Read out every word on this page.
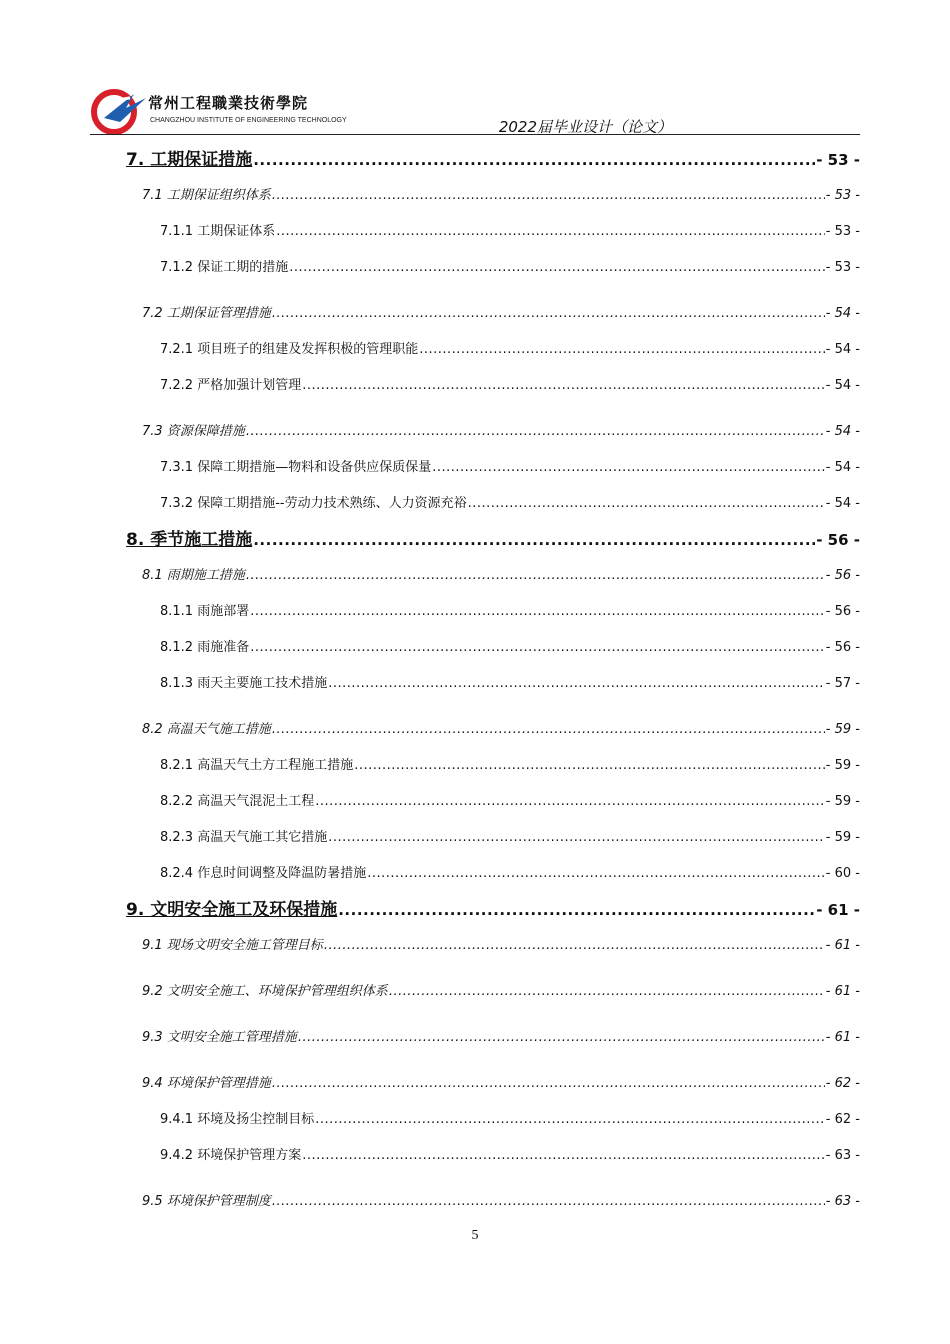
常州工程職業技術學院
CHANGZHOU INSTITUTE OF ENGINEERING TECHNOLOGY	2022届毕业设计（论文）
7. 工期保证措施 .....	- 53 -
7.1 工期保证组织体系 .....	- 53 -
7.1.1 工期保证体系 .....	- 53 -
7.1.2 保证工期的措施 .....	- 53 -
7.2 工期保证管理措施 .....	- 54 -
7.2.1 项目班子的组建及发挥积极的管理职能 .....	- 54 -
7.2.2 严格加强计划管理 .....	- 54 -
7.3 资源保障措施 .....	- 54 -
7.3.1 保障工期措施—物料和设备供应保质保量 .....	- 54 -
7.3.2 保障工期措施--劳动力技术熟练、人力资源充裕 .....	- 54 -
8. 季节施工措施 .....	- 56 -
8.1 雨期施工措施 .....	- 56 -
8.1.1 雨施部署 .....	- 56 -
8.1.2 雨施准备 .....	- 56 -
8.1.3 雨天主要施工技术措施 .....	- 57 -
8.2 高温天气施工措施 .....	- 59 -
8.2.1 高温天气土方工程施工措施 .....	- 59 -
8.2.2 高温天气混泥土工程 .....	- 59 -
8.2.3 高温天气施工其它措施 .....	- 59 -
8.2.4 作息时间调整及降温防暑措施 .....	- 60 -
9. 文明安全施工及环保措施 .....	- 61 -
9.1 现场文明安全施工管理目标 .....	- 61 -
9.2 文明安全施工、环境保护管理组织体系 .....	- 61 -
9.3 文明安全施工管理措施 .....	- 61 -
9.4 环境保护管理措施 .....	- 62 -
9.4.1 环境及扬尘控制目标 .....	- 62 -
9.4.2 环境保护管理方案 .....	- 63 -
9.5 环境保护管理制度 .....	- 63 -
5
